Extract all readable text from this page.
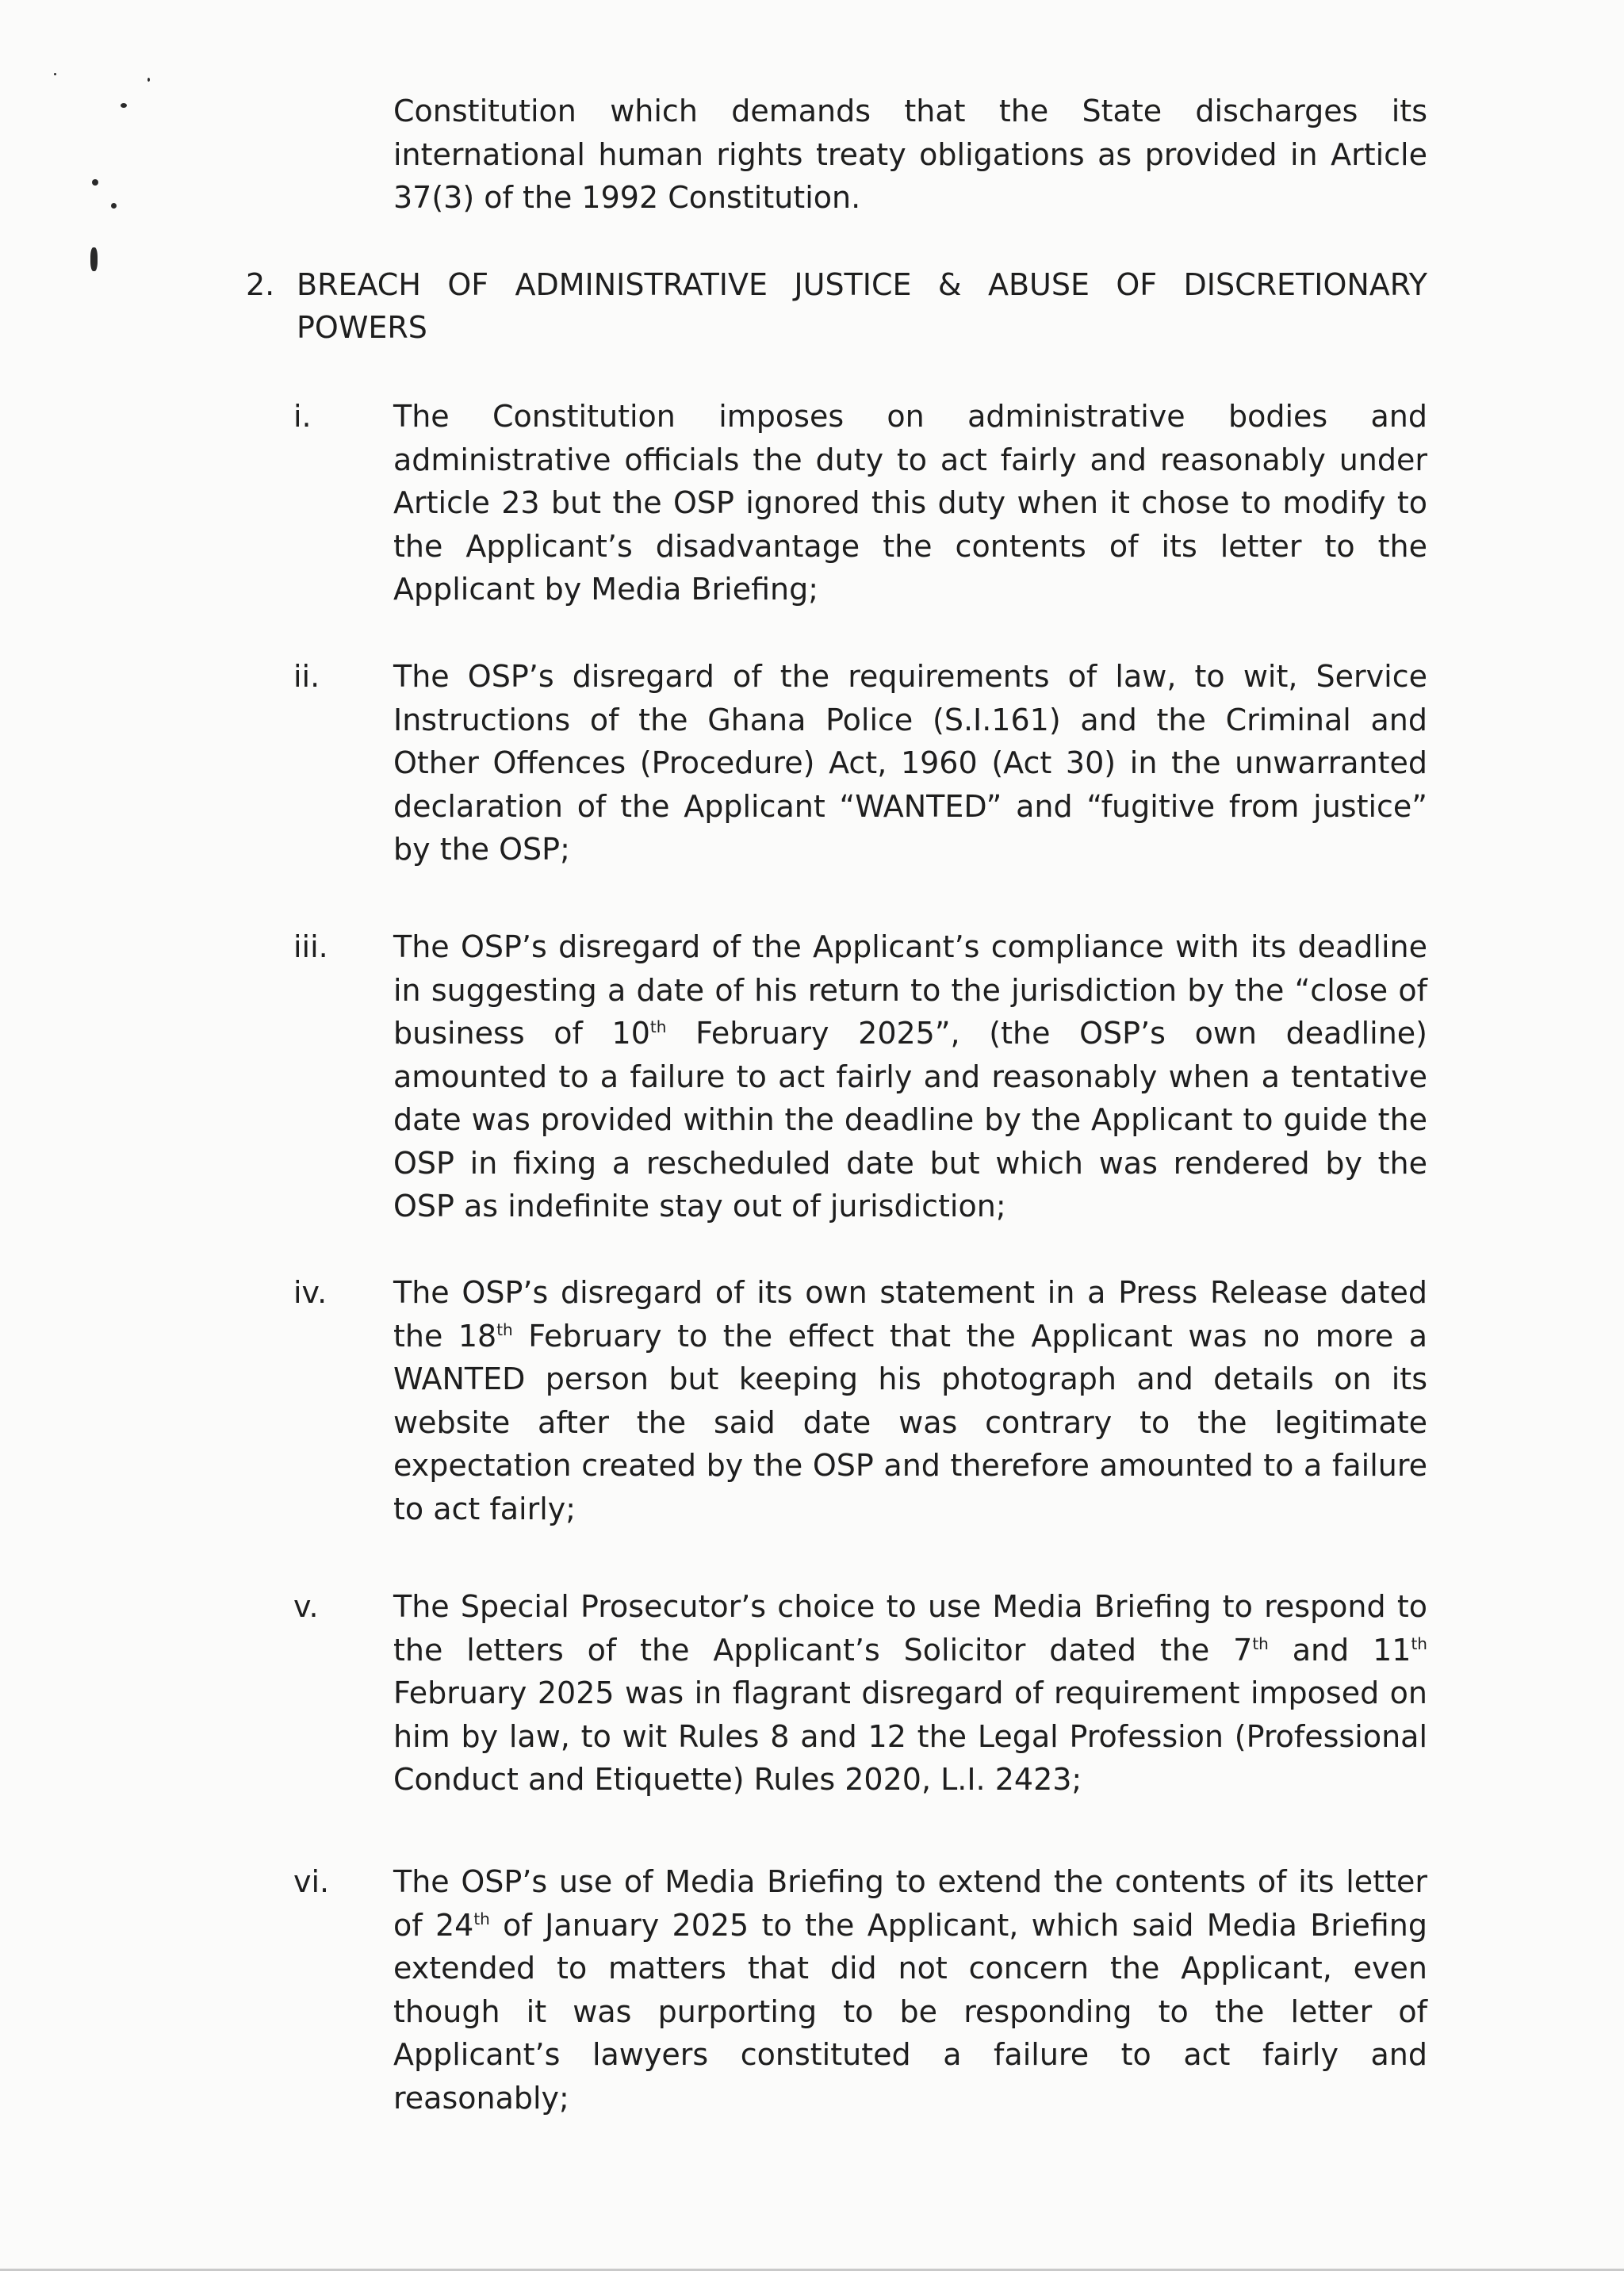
Constitution which demands that the State discharges its international human rights treaty obligations as provided in Article 37(3) of the 1992 Constitution.

2. BREACH OF ADMINISTRATIVE JUSTICE & ABUSE OF DISCRETIONARY POWERS
i.	The Constitution imposes on administrative bodies and administrative officials the duty to act fairly and reasonably under Article 23 but the OSP ignored this duty when it chose to modify to the Applicant’s disadvantage the contents of its letter to the Applicant by Media Briefing;
ii. The OSP’s disregard of the requirements of law, to wit, Service Instructions of the Ghana Police (S.I.161) and the Criminal and Other Offences (Procedure) Act, 1960 (Act 30) in the unwarranted declaration of the Applicant “WANTED” and “fugitive from justice” by the OSP;
iii. The OSP’s disregard of the Applicant’s compliance with its deadline in suggesting a date of his return to the jurisdiction by the “close of business of 10th February 2025”, (the OSP’s own deadline) amounted to a failure to act fairly and reasonably when a tentative date was provided within the deadline by the Applicant to guide the OSP in fixing a rescheduled date but which was rendered by the OSP as indefinite stay out of jurisdiction;
iv. The OSP’s disregard of its own statement in a Press Release dated the 18th February to the effect that the Applicant was no more a WANTED person but keeping his photograph and details on its website after the said date was contrary to the legitimate expectation created by the OSP and therefore amounted to a failure to act fairly;
v. The Special Prosecutor’s choice to use Media Briefing to respond to the letters of the Applicant’s Solicitor dated the 7th and 11th February 2025 was in flagrant disregard of requirement imposed on him by law, to wit Rules 8 and 12 the Legal Profession (Professional Conduct and Etiquette) Rules 2020, L.I. 2423;
vi. The OSP’s use of Media Briefing to extend the contents of its letter of 24th of January 2025 to the Applicant, which said Media Briefing extended to matters that did not concern the Applicant, even though it was purporting to be responding to the letter of Applicant’s lawyers constituted a failure to act fairly and reasonably;
